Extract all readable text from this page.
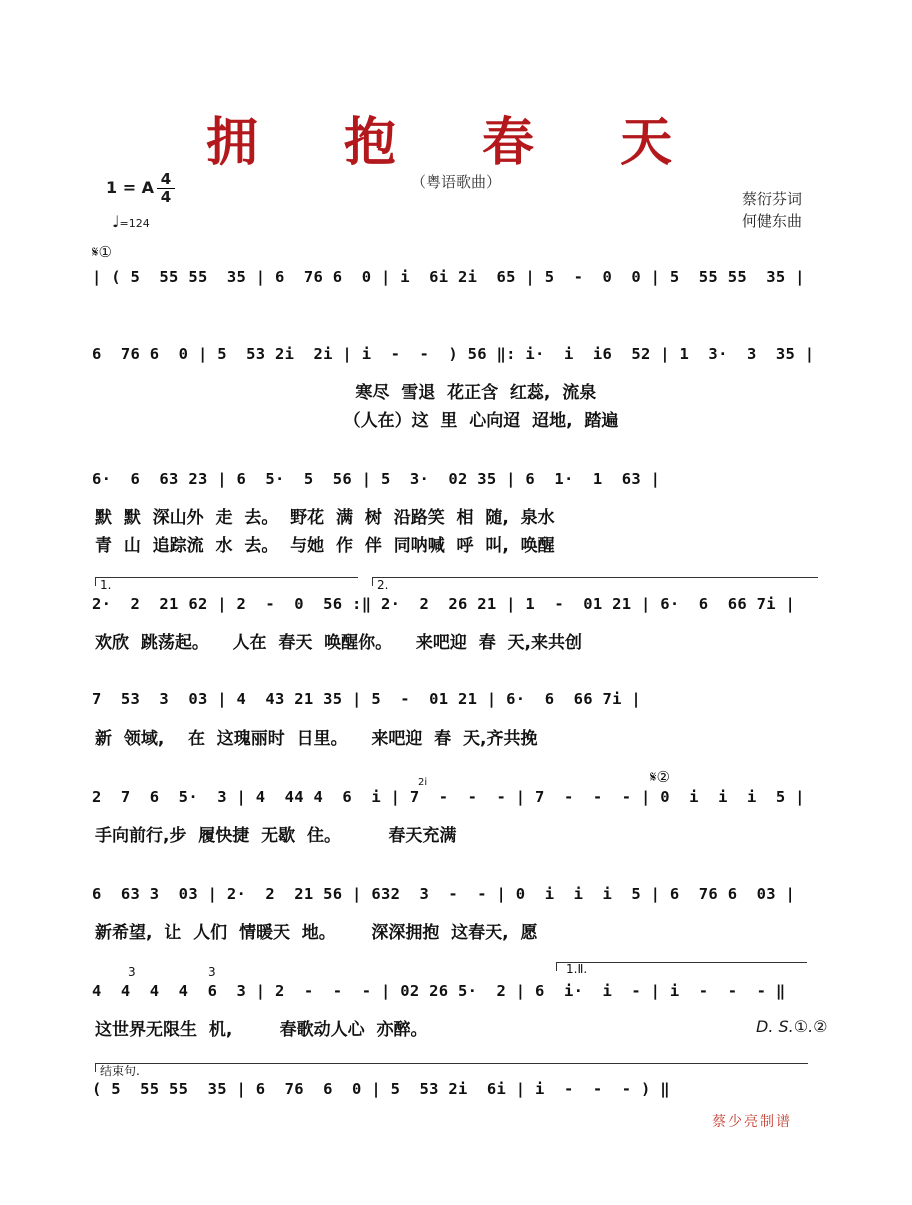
拥 抱 春 天
（粤语歌曲）
1 = A 4
4
♩=124
蔡衍芬词
何健东曲
𝄋①
| ( 5  55 55  35 | 6  76 6  0 | i  6i 2i  65 | 5  -  0  0 | 5  55 55  35 |
6  76 6  0 | 5  53 2i  2i | i  -  -  ) 56 ‖: i·  i  i6  52 | 1  3·  3  35 |
寒尽  雪退  花正含  红蕊,  流泉
（人在）这  里  心向迢  迢地,  踏遍
6·  6  63 23 | 6  5·  5  56 | 5  3·  02 35 | 6  1·  1  63 |
默  默  深山外  走  去。  野花  满  树  沿路笑  相  随,  泉水
青  山  追踪流  水  去。  与她  作  伴  同呐喊  呼  叫,  唤醒
1.	2.
2·  2  21 62 | 2  -  0  56 :‖ 2·  2  26 21 | 1  -  01 21 | 6·  6  66 7i |
欢欣  跳荡起。    人在  春天  唤醒你。    来吧迎  春  天,来共创
7  53  3  03 | 4  43 21 35 | 5  -  01 21 | 6·  6  66 7i |
新  领域,    在  这瑰丽时  日里。    来吧迎  春  天,齐共挽
2i	𝄋②
2  7  6  5·  3 | 4  44 4  6  i | 7  -  -  - | 7  -  -  - | 0  i  i  i  5 |
手向前行,步  履快捷  无歇  住。        春天充满
6  63 3  03 | 2·  2  21 56 | 632  3  -  - | 0  i  i  i  5 | 6  76 6  03 |
新希望,  让  人们  情暖天  地。      深深拥抱  这春天,  愿
3	3	1.Ⅱ.
4  4  4  4  6  3 | 2  -  -  - | 02 26 5·  2 | 6  i·  i  - | i  -  -  - ‖
这世界无限生  机,        春歌动人心  亦醉。	D. S.①.②
结束句.
( 5  55 55  35 | 6  76  6  0 | 5  53 2i  6i | i  -  -  - ) ‖
蔡少亮制谱
